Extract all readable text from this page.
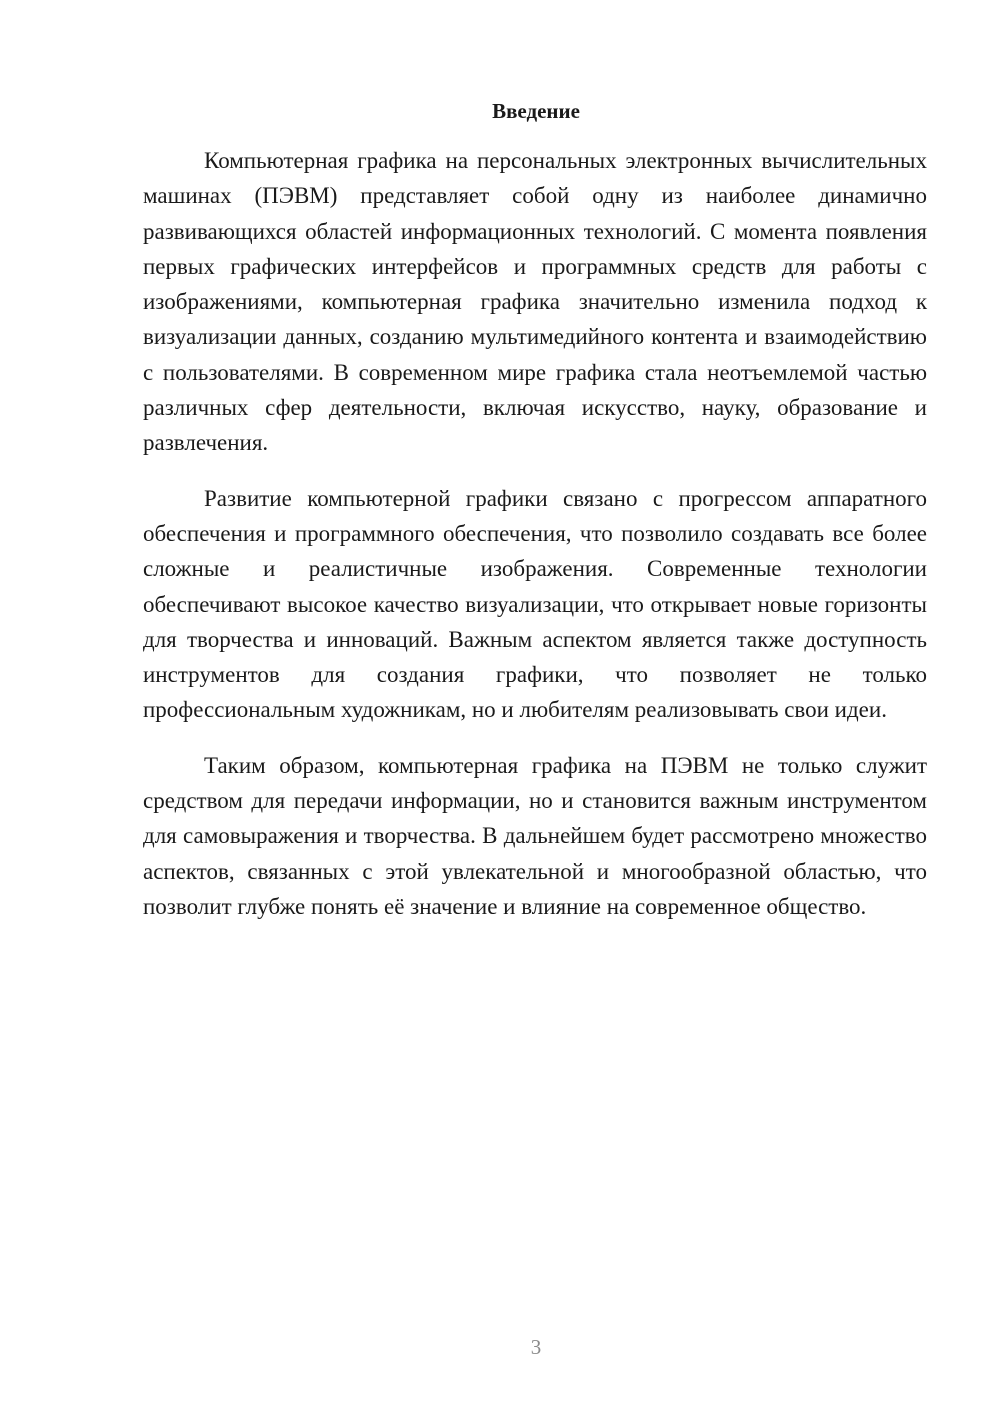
Введение

Компьютерная графика на персональных электронных вычислительных машинах (ПЭВМ) представляет собой одну из наиболее динамично развивающихся областей информационных технологий. С момента появления первых графических интерфейсов и программных средств для работы с изображениями, компьютерная графика значительно изменила подход к визуализации данных, созданию мультимедийного контента и взаимодействию с пользователями. В современном мире графика стала неотъемлемой частью различных сфер деятельности, включая искусство, науку, образование и развлечения.

Развитие компьютерной графики связано с прогрессом аппаратного обеспечения и программного обеспечения, что позволило создавать все более сложные и реалистичные изображения. Современные технологии обеспечивают высокое качество визуализации, что открывает новые горизонты для творчества и инноваций. Важным аспектом является также доступность инструментов для создания графики, что позволяет не только профессиональным художникам, но и любителям реализовывать свои идеи.

Таким образом, компьютерная графика на ПЭВМ не только служит средством для передачи информации, но и становится важным инструментом для самовыражения и творчества. В дальнейшем будет рассмотрено множество аспектов, связанных с этой увлекательной и многообразной областью, что позволит глубже понять её значение и влияние на современное общество.

3
